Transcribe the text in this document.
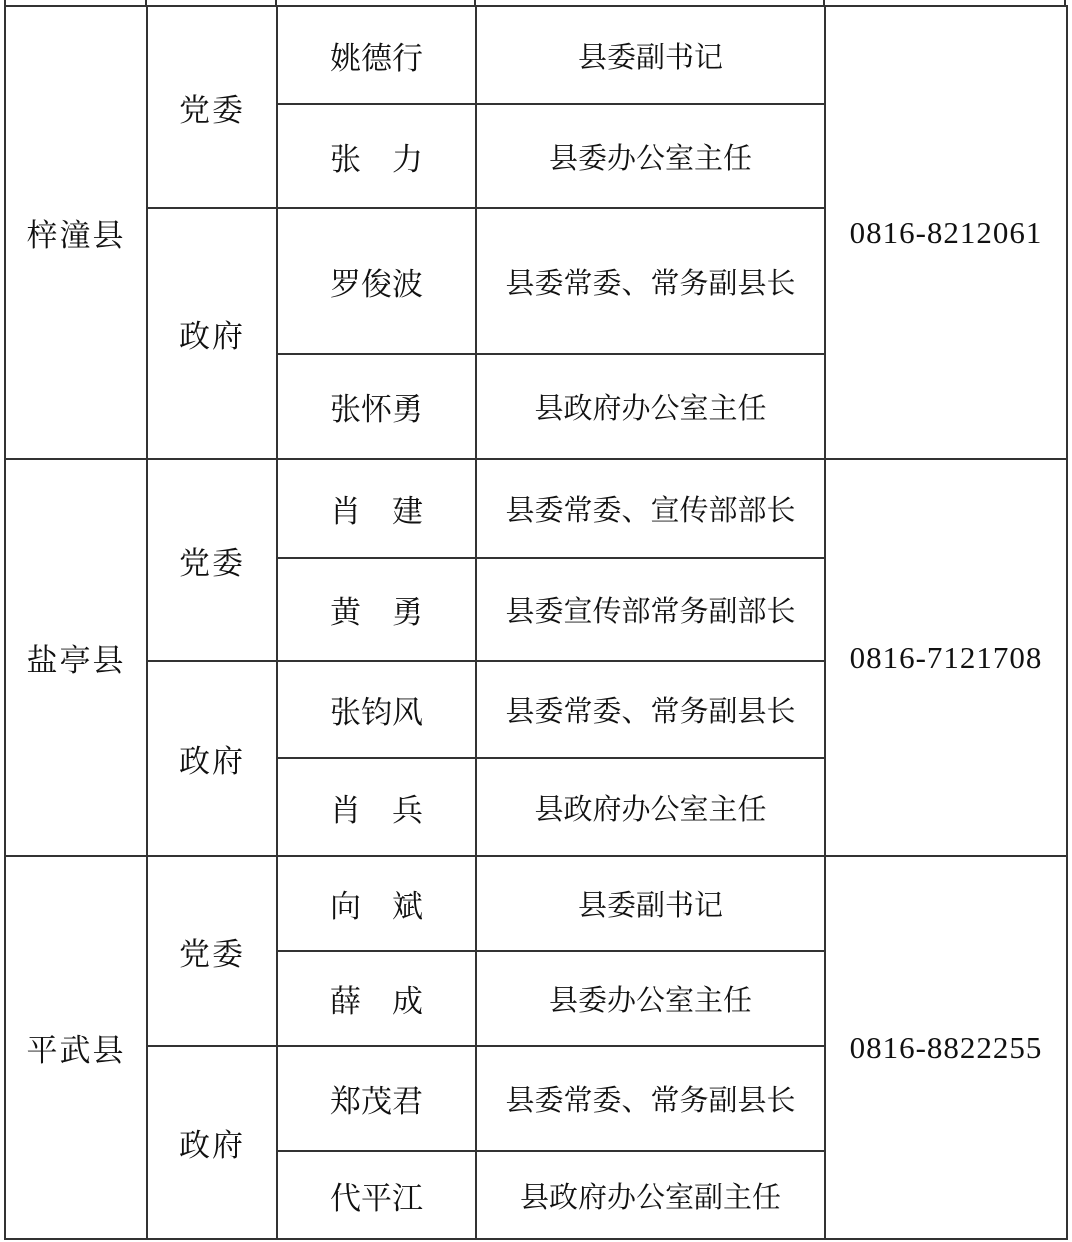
梓潼县	党委	姚德行	县委副书记	0816-8212061
		张　力	县委办公室主任	
	政府	罗俊波	县委常委、常务副县长	
		张怀勇	县政府办公室主任	
盐亭县	党委	肖　建	县委常委、宣传部部长	0816-7121708
		黄　勇	县委宣传部常务副部长	
	政府	张钧风	县委常委、常务副县长	
		肖　兵	县政府办公室主任	
平武县	党委	向　斌	县委副书记	0816-8822255
		薛　成	县委办公室主任	
	政府	郑茂君	县委常委、常务副县长	
		代平江	县政府办公室副主任	
